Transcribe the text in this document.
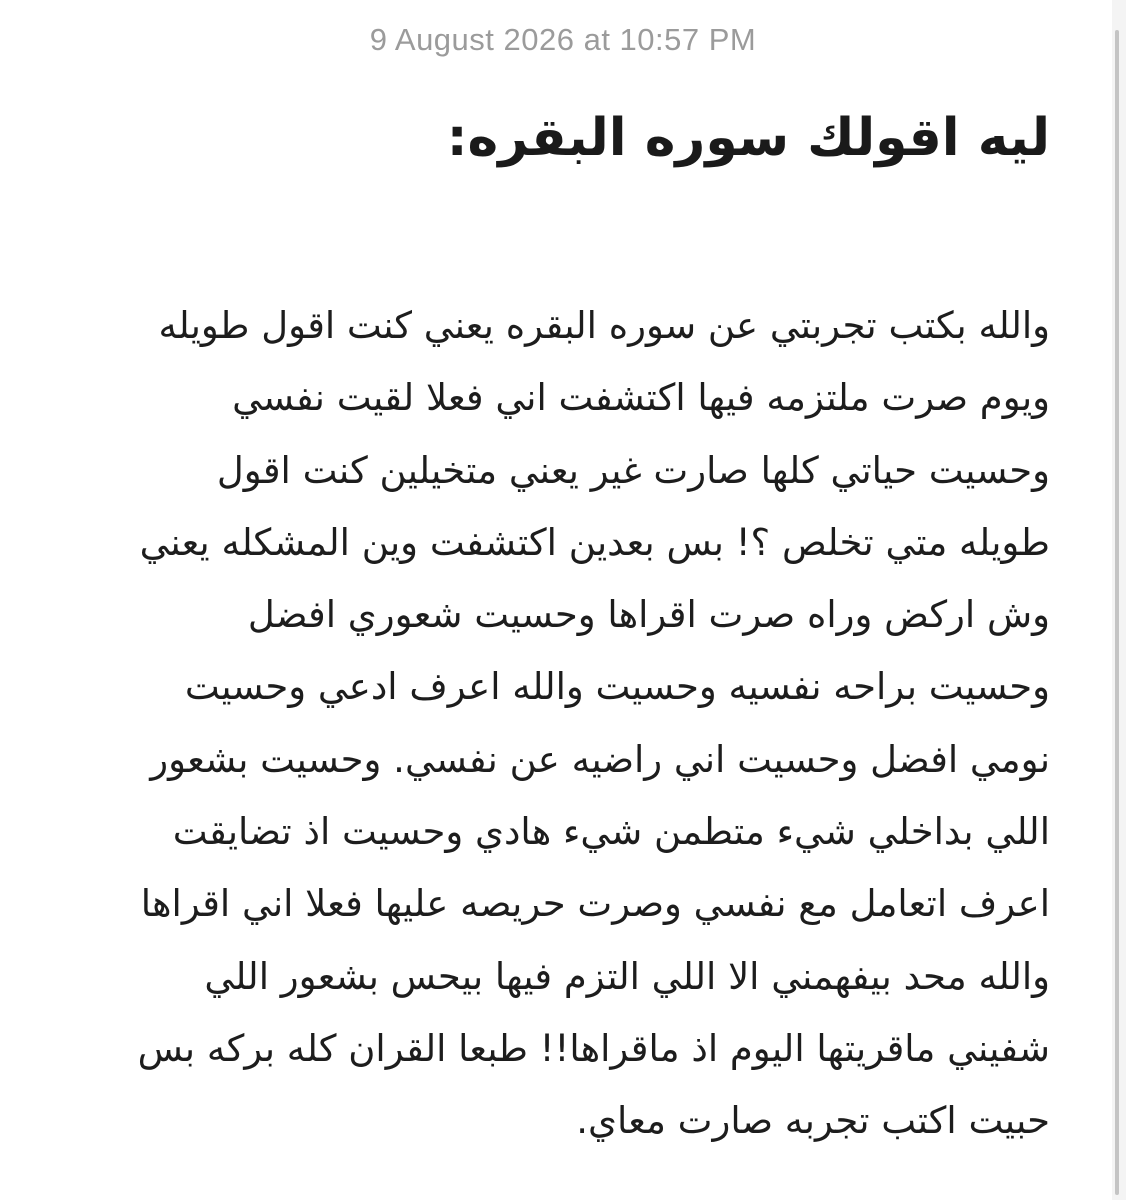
9 August 2026 at 10:57 PM
ليه اقولك سوره البقره:
والله بكتب تجربتي عن سوره البقره يعني كنت اقول طويله
ويوم صرت ملتزمه فيها اكتشفت اني فعلا لقيت نفسي
وحسيت حياتي كلها صارت غير يعني متخيلين كنت اقول
طويله متي تخلص ؟! بس بعدين اكتشفت وين المشكله يعني
وش اركض وراه صرت اقراها وحسيت شعوري افضل
وحسيت براحه نفسيه وحسيت والله اعرف ادعي وحسيت
نومي افضل وحسيت اني راضيه عن نفسي. وحسيت بشعور
اللي بداخلي شيء متطمن شيء هادي وحسيت اذ تضايقت
اعرف اتعامل مع نفسي وصرت حريصه عليها فعلا اني اقراها
والله محد بيفهمني الا اللي التزم فيها بيحس بشعور اللي
شفيني ماقريتها اليوم اذ ماقراها!! طبعا القران كله بركه بس
حبيت اكتب تجربه صارت معاي.
